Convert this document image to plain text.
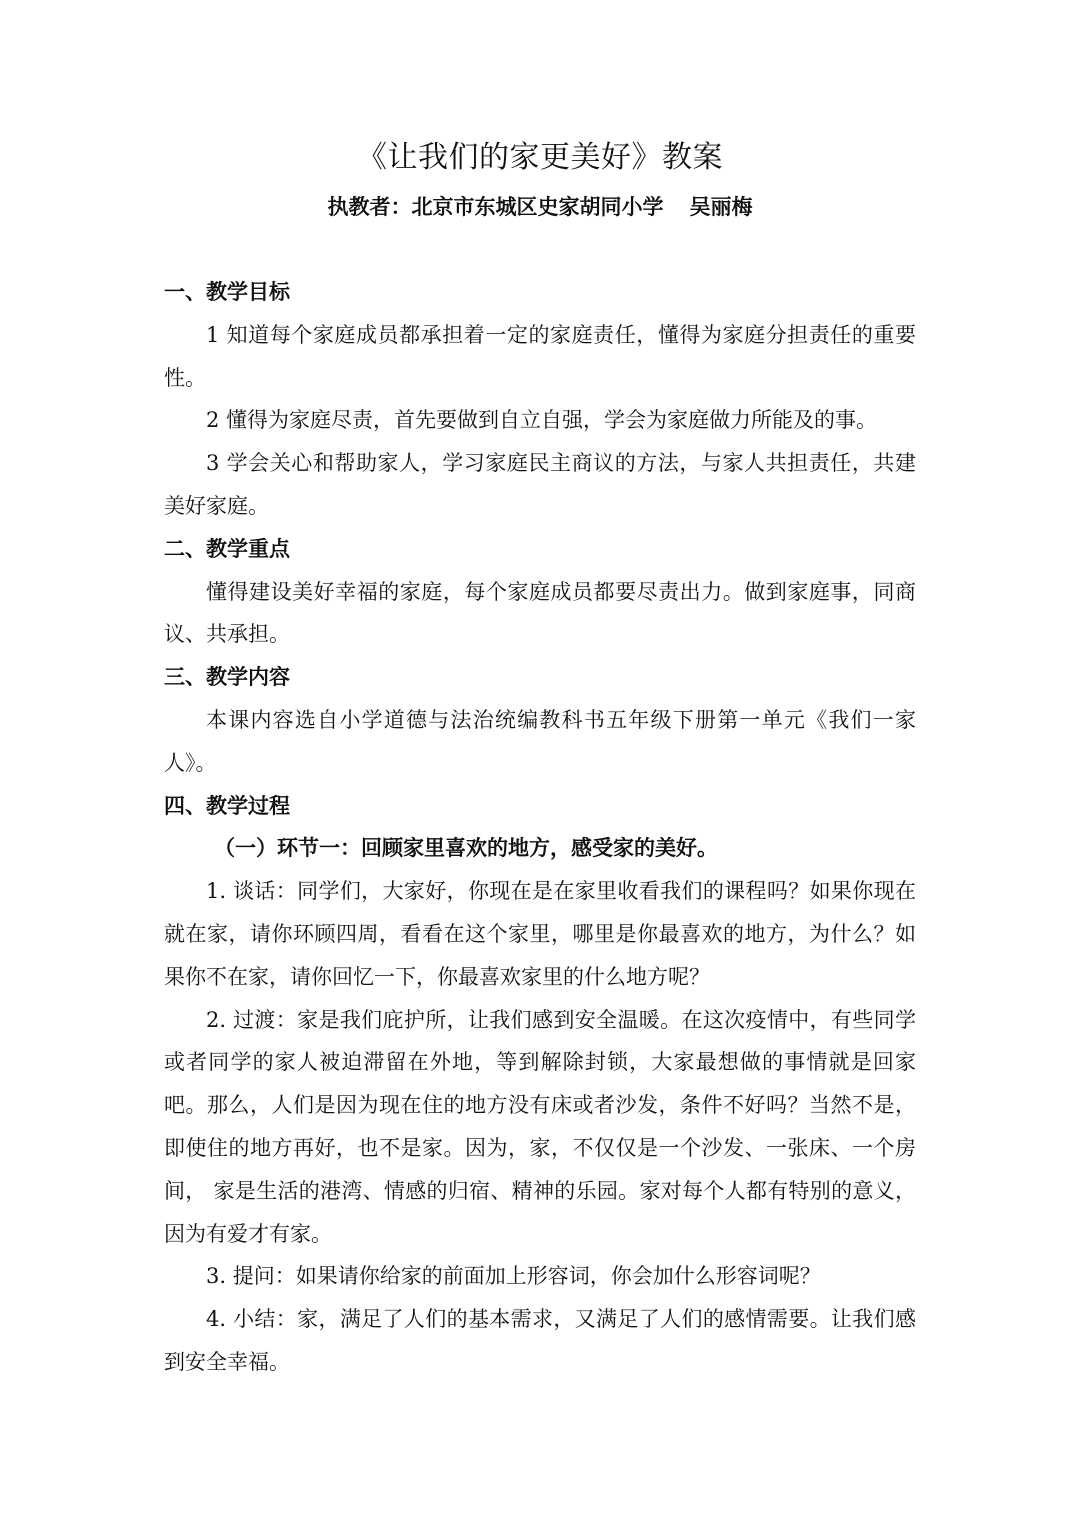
《让我们的家更美好》教案
执教者：北京市东城区史家胡同小学 吴丽梅

一、教学目标

1 知道每个家庭成员都承担着一定的家庭责任，懂得为家庭分担责任的重要性。

2 懂得为家庭尽责，首先要做到自立自强，学会为家庭做力所能及的事。

3 学会关心和帮助家人，学习家庭民主商议的方法，与家人共担责任，共建美好家庭。

二、教学重点

懂得建设美好幸福的家庭，每个家庭成员都要尽责出力。做到家庭事，同商议、共承担。

三、教学内容

本课内容选自小学道德与法治统编教科书五年级下册第一单元《我们一家人》。

四、教学过程

（一）环节一：回顾家里喜欢的地方，感受家的美好。

1. 谈话：同学们，大家好，你现在是在家里收看我们的课程吗？如果你现在就在家，请你环顾四周，看看在这个家里，哪里是你最喜欢的地方，为什么？如果你不在家，请你回忆一下，你最喜欢家里的什么地方呢？

2. 过渡：家是我们庇护所，让我们感到安全温暖。在这次疫情中，有些同学或者同学的家人被迫滞留在外地，等到解除封锁，大家最想做的事情就是回家吧。那么，人们是因为现在住的地方没有床或者沙发，条件不好吗？当然不是，即使住的地方再好，也不是家。因为，家，不仅仅是一个沙发、一张床、一个房间， 家是生活的港湾、情感的归宿、精神的乐园。家对每个人都有特别的意义，因为有爱才有家。

3. 提问：如果请你给家的前面加上形容词，你会加什么形容词呢？

4. 小结：家，满足了人们的基本需求，又满足了人们的感情需要。让我们感到安全幸福。
